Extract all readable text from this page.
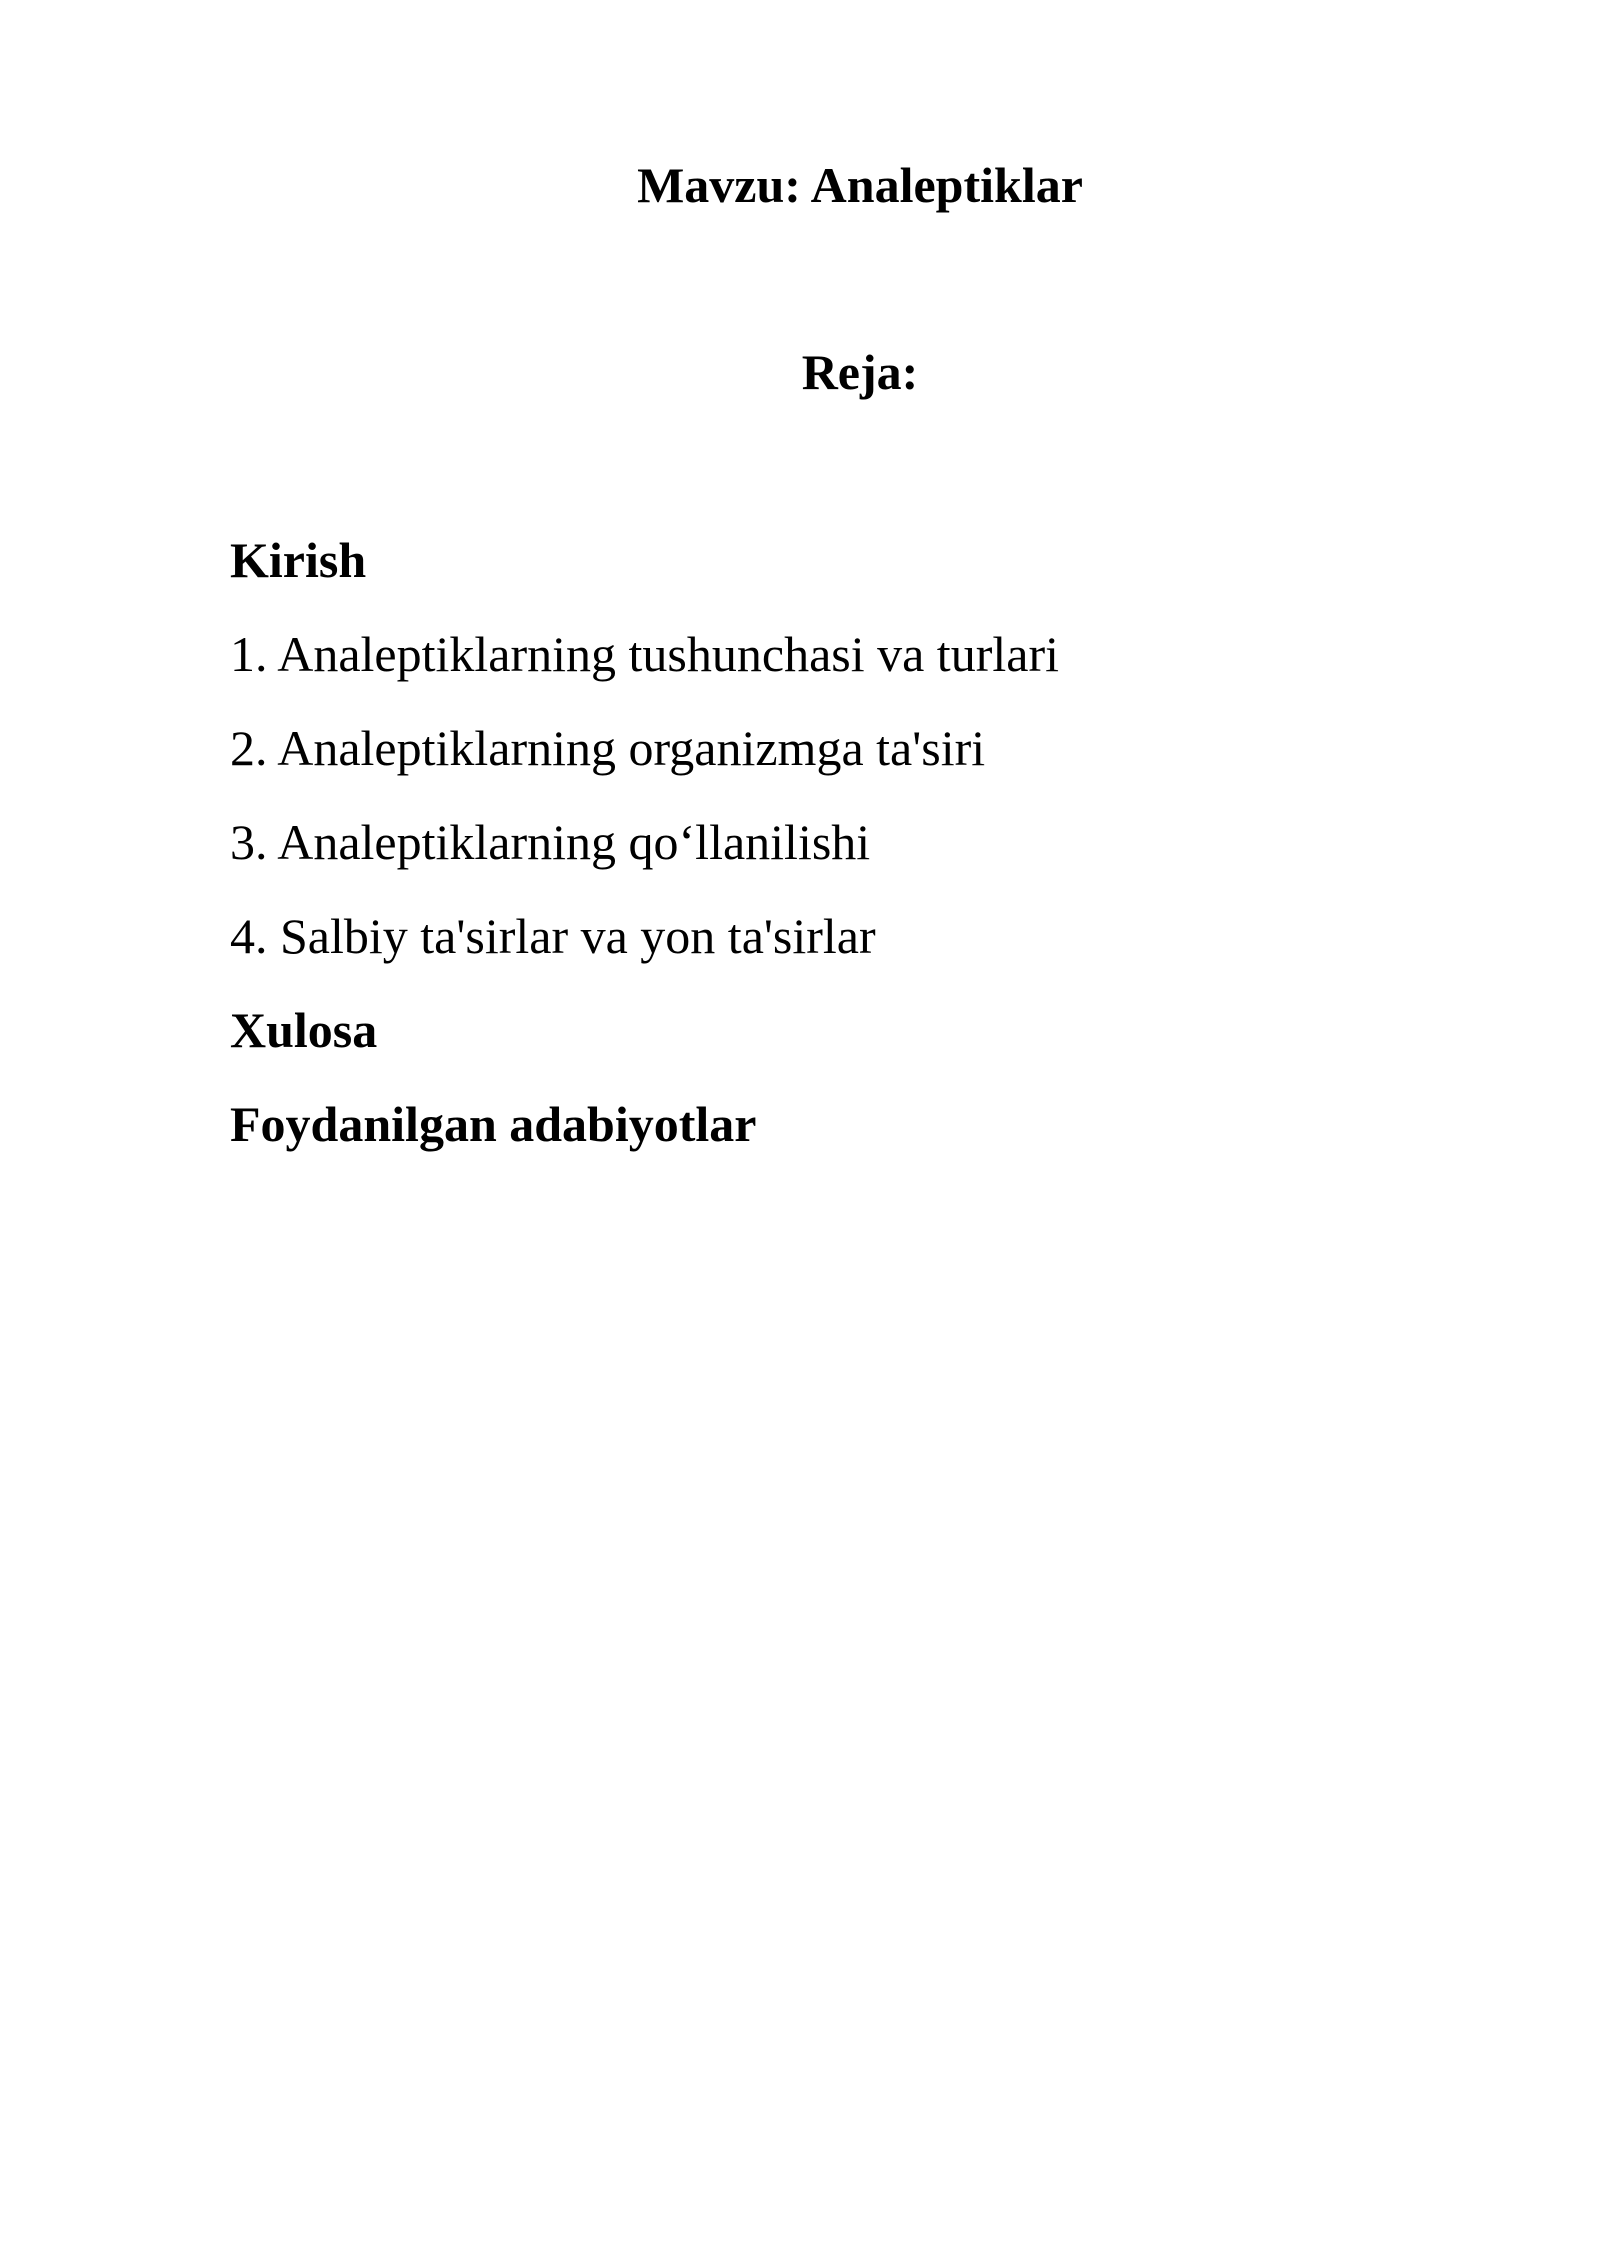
Mavzu: Analeptiklar
Reja:
Kirish
1. Analeptiklarning tushunchasi va turlari
2. Analeptiklarning organizmga ta'siri
3. Analeptiklarning qo‘llanilishi
4. Salbiy ta'sirlar va yon ta'sirlar
Xulosa
Foydanilgan adabiyotlar
